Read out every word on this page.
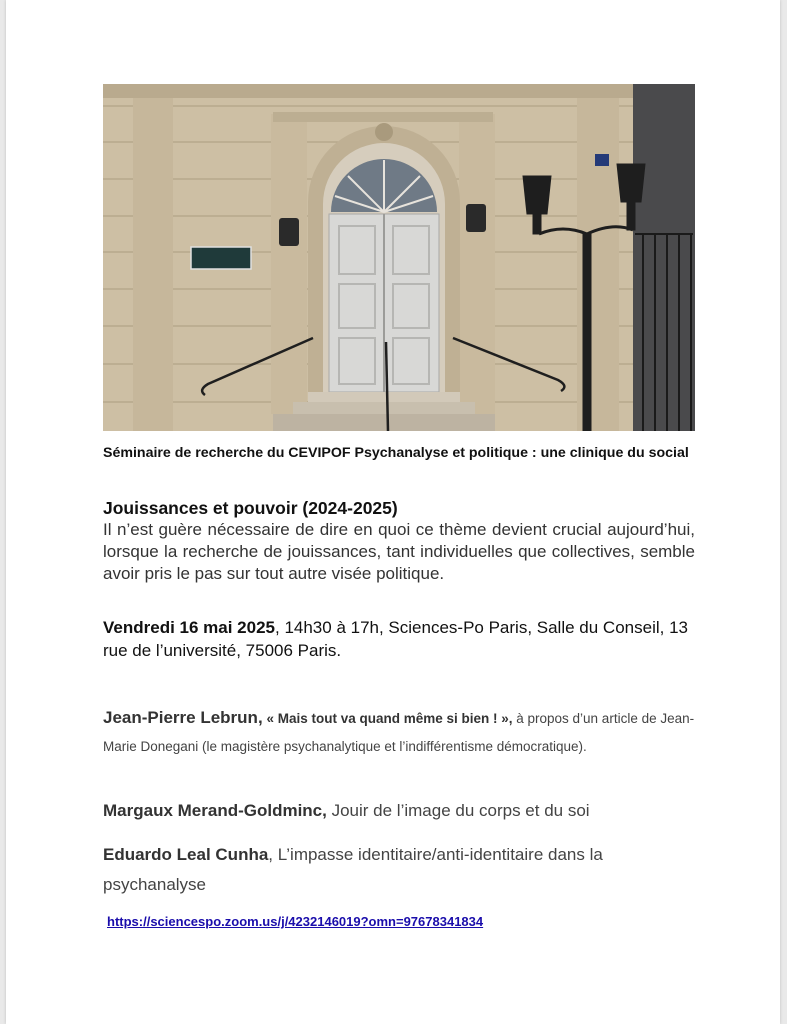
Séminaire de recherche du CEVIPOF Psychanalyse et politique : une clinique du social
Jouissances et pouvoir (2024-2025)
Il n’est guère nécessaire de dire en quoi ce thème devient crucial aujourd’hui, lorsque la recherche de jouissances, tant individuelles que collectives, semble avoir pris le pas sur tout autre visée politique.
Vendredi 16 mai 2025, 14h30 à 17h, Sciences-Po Paris, Salle du Conseil, 13 rue de l’université, 75006 Paris.
Jean-Pierre Lebrun, « Mais tout va quand même si bien ! », à propos d’un article de Jean-Marie Donegani (le magistère psychanalytique et l’indifférentisme démocratique).
Margaux Merand-Goldminc, Jouir de l’image du corps et du soi
Eduardo Leal Cunha, L’impasse identitaire/anti-identitaire dans la psychanalyse
https://sciencespo.zoom.us/j/4232146019?omn=97678341834
